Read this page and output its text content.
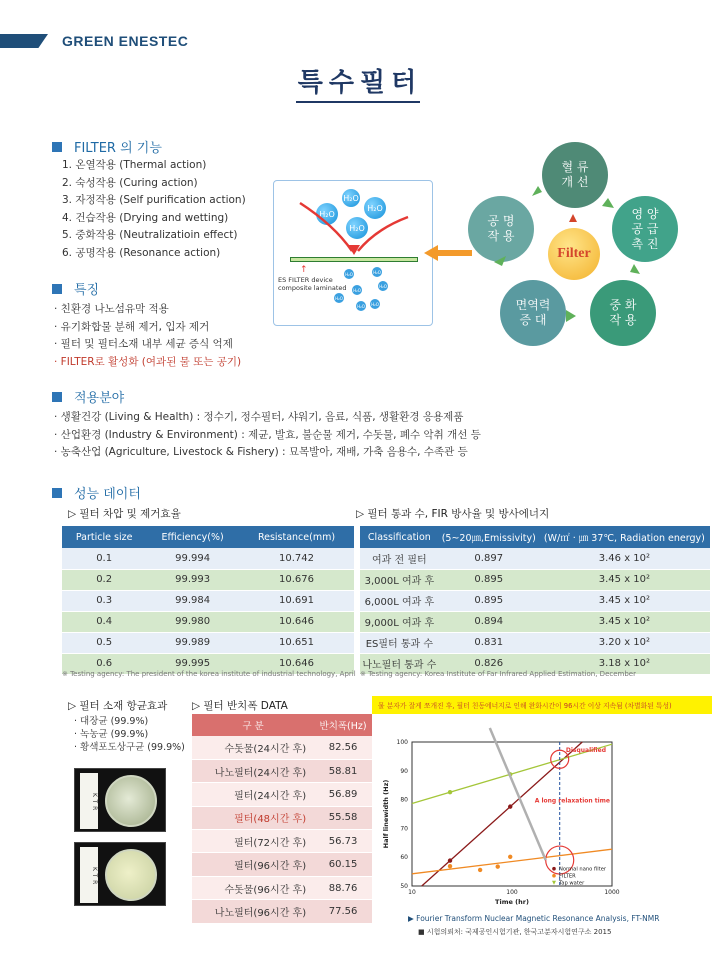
GREEN ENESTEC
특수필터
FILTER 의 기능
1. 온열작용 (Thermal action)
2. 숙성작용 (Curing action)
3. 자정작용 (Self purification action)
4. 건습작용 (Drying and wetting)
5. 중화작용 (Neutralizatioin effect)
6. 공명작용 (Resonance action)
H₂O
H₂O
H₂O
H₂O
↑
ES FILTER device
composite laminated
H₂O	H₂O
H₂O
H₂O
H₂O
H₂O H₂O
혈 류
개 선
영 양
공 급
촉 진
중 화
작 용
면역력
증 대
공 명
작 용
Filter
특징
· 친환경 나노섬유막 적용
· 유기화합물 분해 제거, 입자 제거
· 필터 및 필터소재 내부 세균 증식 억제
· FILTER로 활성화 (여과된 물 또는 공기)
적용분야
· 생활건강 (Living & Health) : 정수기, 정수필터, 샤워기, 음료, 식품, 생활환경 응용제품
· 산업환경 (Industry & Environment) : 제균, 발효, 불순물 제거, 수돗물, 폐수 악취 개선 등
· 농축산업 (Agriculture, Livestock & Fishery) : 묘목발아, 재배, 가축 음용수, 수족관 등
성능 데이터
▷ 필터 차압 및 제거효율
Particle size	Efficiency(%)	Resistance(mm)
0.1	99.994	10.742
0.2	99.993	10.676
0.3	99.984	10.691
0.4	99.980	10.646
0.5	99.989	10.651
0.6	99.995	10.646
※ Testing agency: The president of the korea institute of industrial technology, April
▷ 필터 통과 수, FIR 방사율 및 방사에너지
Classification	(5~20㎛,Emissivity)	(W/㎡ · ㎛ 37℃, Radiation energy)
여과 전 필터	0.897	3.46 x 10²
3,000L 여과 후	0.895	3.45 x 10²
6,000L 여과 후	0.895	3.45 x 10²
9,000L 여과 후	0.894	3.45 x 10²
ES필터 통과 수	0.831	3.20 x 10²
나노필터 통과 수	0.826	3.18 x 10²
※ Testing agency: Korea Institute of Far Infrared Applied Estimation, December
▷ 필터 소재 항균효과
· 대장균 (99.9%)
· 녹농균 (99.9%)
· 황색포도상구균 (99.9%)
KTR
KTR
▷ 필터 반치폭 DATA
구 분	반치폭(Hz)
수돗물(24시간 후)	82.56
나노필터(24시간 후)	58.81
필터(24시간 후)	56.89
필터(48시간 후)	55.58
필터(72시간 후)	56.73
필터(96시간 후)	60.15
수돗물(96시간 후)	88.76
나노필터(96시간 후)	77.56
물 분자가 잘게 쪼개진 후, 필터 친동에너지로 인해 완화시간이 96시간 이상 지속됨 (차별화된 특성)
50
60
70
80
90
100
10	100	1000
Time (hr)
Half linewidth (Hz)
Disqualified
A long relaxation time
Normal nano filter
FILTER
Tap water
▶ Fourier Transform Nuclear Magnetic Resonance Analysis, FT-NMR
■ 시험의뢰처: 국제공인시험기관, 한국고분자시험연구소 2015
